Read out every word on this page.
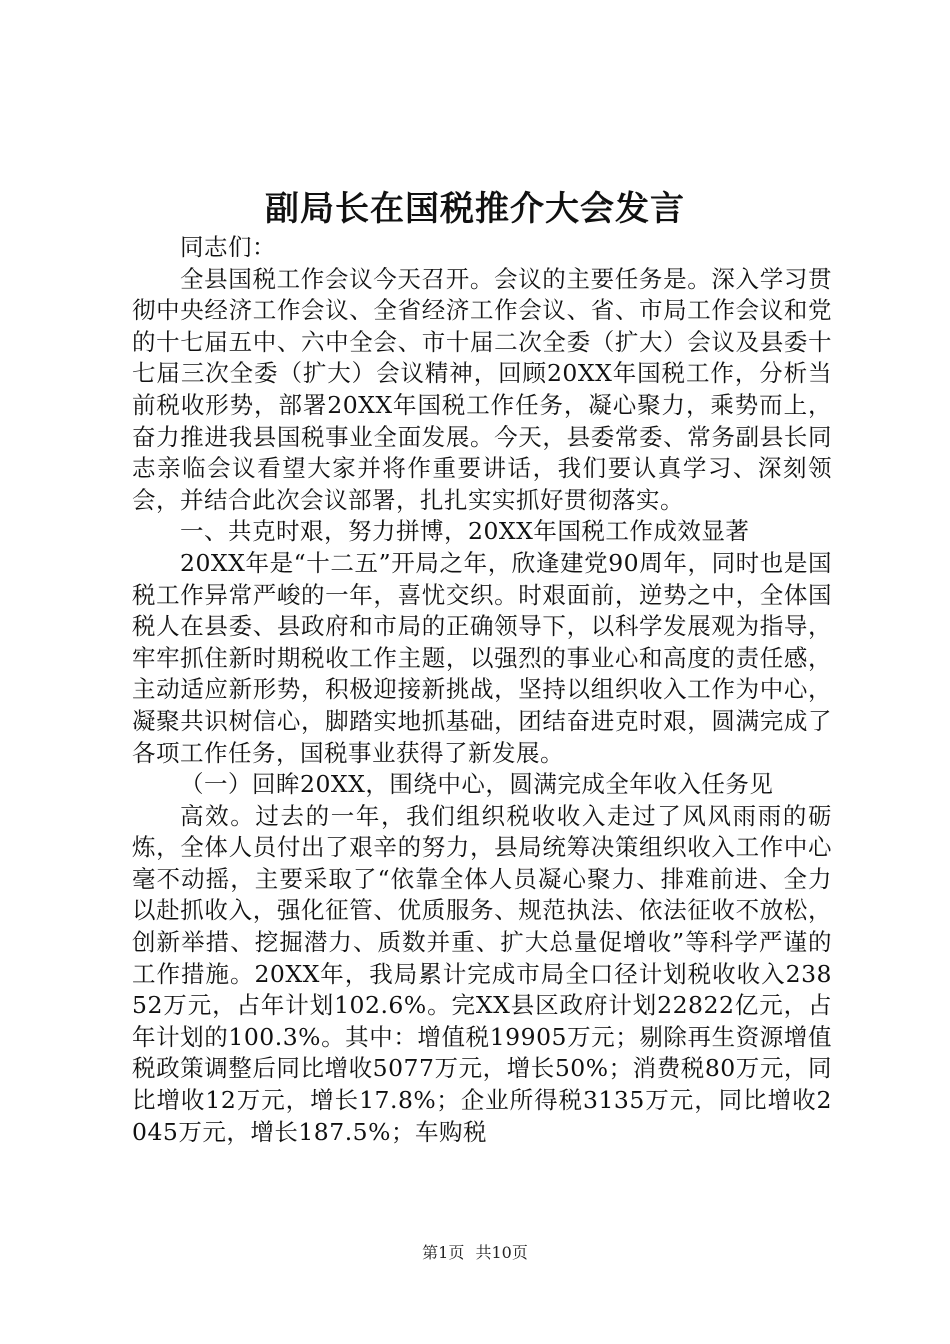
副局长在国税推介大会发言

同志们：

全县国税工作会议今天召开。会议的主要任务是。深入学习贯彻中央经济工作会议、全省经济工作会议、省、市局工作会议和党的十七届五中、六中全会、市十届二次全委（扩大）会议及县委十七届三次全委（扩大）会议精神，回顾20XX年国税工作，分析当前税收形势，部署20XX年国税工作任务，凝心聚力，乘势而上，奋力推进我县国税事业全面发展。今天，县委常委、常务副县长同志亲临会议看望大家并将作重要讲话，我们要认真学习、深刻领会，并结合此次会议部署，扎扎实实抓好贯彻落实。

一、共克时艰，努力拼博，20XX年国税工作成效显著

20XX年是“十二五”开局之年，欣逢建党90周年，同时也是国税工作异常严峻的一年，喜忧交织。时艰面前，逆势之中，全体国税人在县委、县政府和市局的正确领导下，以科学发展观为指导，牢牢抓住新时期税收工作主题，以强烈的事业心和高度的责任感，主动适应新形势，积极迎接新挑战，坚持以组织收入工作为中心，凝聚共识树信心，脚踏实地抓基础，团结奋进克时艰，圆满完成了各项工作任务，国税事业获得了新发展。

（一）回眸20XX，围绕中心，圆满完成全年收入任务见

高效。过去的一年，我们组织税收收入走过了风风雨雨的砺炼，全体人员付出了艰辛的努力，县局统筹决策组织收入工作中心毫不动摇，主要采取了“依靠全体人员凝心聚力、排难前进、全力以赴抓收入，强化征管、优质服务、规范执法、依法征收不放松，创新举措、挖掘潜力、质数并重、扩大总量促增收”等科学严谨的工作措施。20XX年，我局累计完成市局全口径计划税收收入23852万元，占年计划102.6%。完XX县区政府计划22822亿元，占年计划的100.3%。其中：增值税19905万元；剔除再生资源增值税政策调整后同比增收5077万元，增长50%；消费税80万元，同比增收12万元，增长17.8%；企业所得税3135万元，同比增收2045万元，增长187.5%；车购税

第1页 共10页
